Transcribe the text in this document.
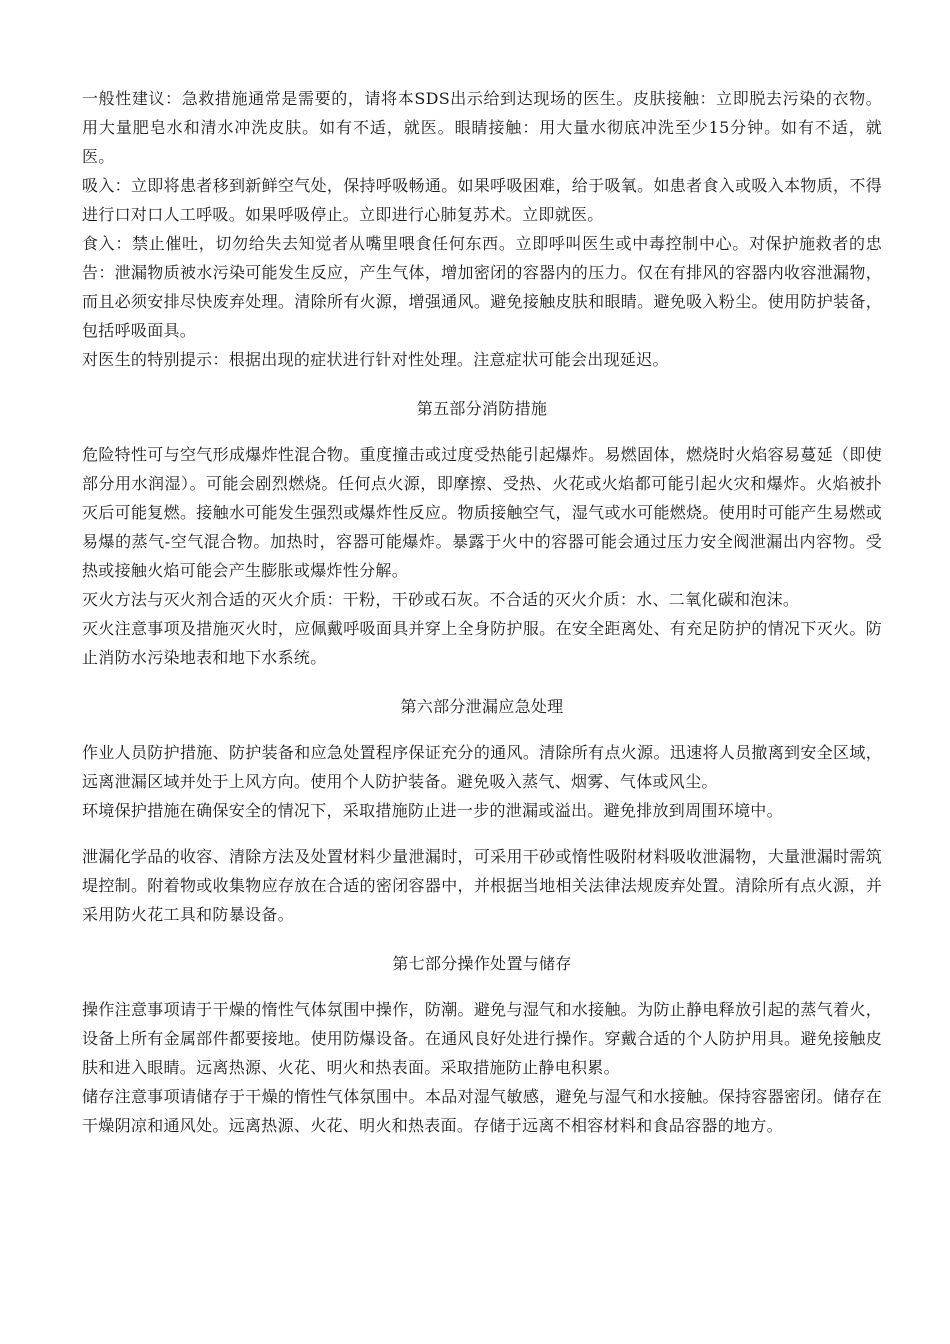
一般性建议：急救措施通常是需要的，请将本SDS出示给到达现场的医生。皮肤接触：立即脱去污染的衣物。用大量肥皂水和清水冲洗皮肤。如有不适，就医。眼睛接触：用大量水彻底冲洗至少15分钟。如有不适，就医。

吸入：立即将患者移到新鲜空气处，保持呼吸畅通。如果呼吸困难，给于吸氧。如患者食入或吸入本物质，不得进行口对口人工呼吸。如果呼吸停止。立即进行心肺复苏术。立即就医。

食入：禁止催吐，切勿给失去知觉者从嘴里喂食任何东西。立即呼叫医生或中毒控制中心。对保护施救者的忠告：泄漏物质被水污染可能发生反应，产生气体，增加密闭的容器内的压力。仅在有排风的容器内收容泄漏物，而且必须安排尽快废弃处理。清除所有火源，增强通风。避免接触皮肤和眼睛。避免吸入粉尘。使用防护装备，包括呼吸面具。

对医生的特别提示：根据出现的症状进行针对性处理。注意症状可能会出现延迟。

第五部分消防措施

危险特性可与空气形成爆炸性混合物。重度撞击或过度受热能引起爆炸。易燃固体，燃烧时火焰容易蔓延（即使部分用水润湿）。可能会剧烈燃烧。任何点火源，即摩擦、受热、火花或火焰都可能引起火灾和爆炸。火焰被扑灭后可能复燃。接触水可能发生强烈或爆炸性反应。物质接触空气，湿气或水可能燃烧。使用时可能产生易燃或易爆的蒸气-空气混合物。加热时，容器可能爆炸。暴露于火中的容器可能会通过压力安全阀泄漏出内容物。受热或接触火焰可能会产生膨胀或爆炸性分解。

灭火方法与灭火剂合适的灭火介质：干粉，干砂或石灰。不合适的灭火介质：水、二氧化碳和泡沫。

灭火注意事项及措施灭火时，应佩戴呼吸面具并穿上全身防护服。在安全距离处、有充足防护的情况下灭火。防止消防水污染地表和地下水系统。

第六部分泄漏应急处理

作业人员防护措施、防护装备和应急处置程序保证充分的通风。清除所有点火源。迅速将人员撤离到安全区域，远离泄漏区域并处于上风方向。使用个人防护装备。避免吸入蒸气、烟雾、气体或风尘。

环境保护措施在确保安全的情况下，采取措施防止进一步的泄漏或溢出。避免排放到周围环境中。

泄漏化学品的收容、清除方法及处置材料少量泄漏时，可采用干砂或惰性吸附材料吸收泄漏物，大量泄漏时需筑堤控制。附着物或收集物应存放在合适的密闭容器中，并根据当地相关法律法规废弃处置。清除所有点火源，并采用防火花工具和防暴设备。

第七部分操作处置与储存

操作注意事项请于干燥的惰性气体氛围中操作，防潮。避免与湿气和水接触。为防止静电释放引起的蒸气着火，设备上所有金属部件都要接地。使用防爆设备。在通风良好处进行操作。穿戴合适的个人防护用具。避免接触皮肤和进入眼睛。远离热源、火花、明火和热表面。采取措施防止静电积累。

储存注意事项请储存于干燥的惰性气体氛围中。本品对湿气敏感，避免与湿气和水接触。保持容器密闭。储存在干燥阴凉和通风处。远离热源、火花、明火和热表面。存储于远离不相容材料和食品容器的地方。
